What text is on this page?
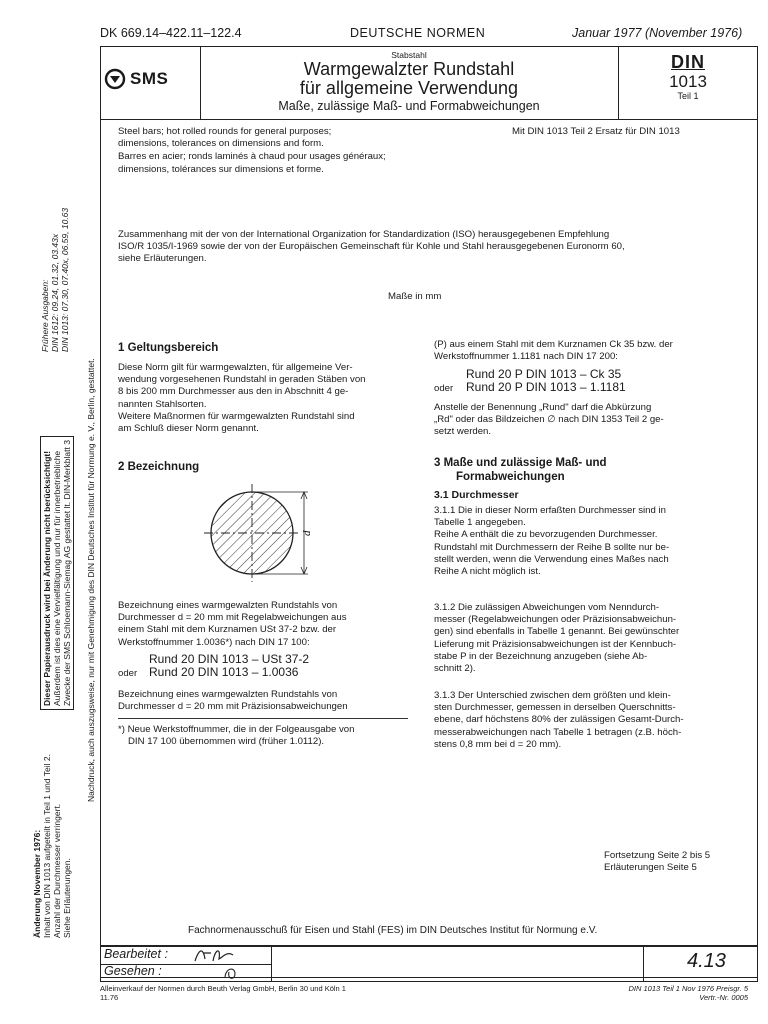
DK 669.14–422.11–122.4	DEUTSCHE NORMEN	Januar 1977 (November 1976)
SMS
Stabstahl
Warmgewalzter Rundstahl
für allgemeine Verwendung
Maße, zulässige Maß- und Formabweichungen
DIN
1013
Teil 1

Steel bars; hot rolled rounds for general purposes;

dimensions, tolerances on dimensions and form.

Barres en acier; ronds laminés à chaud pour usages généraux;

dimensions, tolérances sur dimensions et forme.

Mit DIN 1013 Teil 2 Ersatz für DIN 1013

Zusammenhang mit der von der International Organization for Standardization (ISO) herausgegebenen Empfehlung

ISO/R 1035/I-1969 sowie der von der Europäischen Gemeinschaft für Kohle und Stahl herausgegebenen Euronorm 60,

siehe Erläuterungen.

Maße in mm
1 Geltungsbereich

Diese Norm gilt für warmgewalzten, für allgemeine Ver-

wendung vorgesehenen Rundstahl in geraden Stäben von

8 bis 200 mm Durchmesser aus den in Abschnitt 4 ge-

nannten Stahlsorten.

Weitere Maßnormen für warmgewalzten Rundstahl sind

am Schluß dieser Norm genannt.

2 Bezeichnung
d

Bezeichnung eines warmgewalzten Rundstahls von

Durchmesser d = 20 mm mit Regelabweichungen aus

einem Stahl mit dem Kurznamen USt 37-2 bzw. der

Werkstoffnummer 1.0036*) nach DIN 17 100:

Rund 20 DIN 1013 – USt 37-2
oder Rund 20 DIN 1013 – 1.0036

Bezeichnung eines warmgewalzten Rundstahls von

Durchmesser d = 20 mm mit Präzisionsabweichungen

*) Neue Werkstoffnummer, die in der Folgeausgabe von

DIN 17 100 übernommen wird (früher 1.0112).

(P) aus einem Stahl mit dem Kurznamen Ck 35 bzw. der

Werkstoffnummer 1.1181 nach DIN 17 200:

Rund 20 P DIN 1013 – Ck 35
oder Rund 20 P DIN 1013 – 1.1181

Anstelle der Benennung „Rund" darf die Abkürzung

„Rd" oder das Bildzeichen ∅ nach DIN 1353 Teil 2 ge-

setzt werden.

3 Maße und zulässige Maß- und
Formabweichungen
3.1 Durchmesser

3.1.1 Die in dieser Norm erfaßten Durchmesser sind in

Tabelle 1 angegeben.

Reihe A enthält die zu bevorzugenden Durchmesser.

Rundstahl mit Durchmessern der Reihe B sollte nur be-

stellt werden, wenn die Verwendung eines Maßes nach

Reihe A nicht möglich ist.

3.1.2 Die zulässigen Abweichungen vom Nenndurch-

messer (Regelabweichungen oder Präzisionsabweichun-

gen) sind ebenfalls in Tabelle 1 genannt. Bei gewünschter

Lieferung mit Präzisionsabweichungen ist der Kennbuch-

stabe P in der Bezeichnung anzugeben (siehe Ab-

schnitt 2).

3.1.3 Der Unterschied zwischen dem größten und klein-

sten Durchmesser, gemessen in derselben Querschnitts-

ebene, darf höchstens 80% der zulässigen Gesamt-Durch-

messerabweichungen nach Tabelle 1 betragen (z.B. höch-

stens 0,8 mm bei d = 20 mm).

Fortsetzung Seite 2 bis 5

Erläuterungen Seite 5

Fachnormenausschuß für Eisen und Stahl (FES) im DIN Deutsches Institut für Normung e.V.
Bearbeitet :
Gesehen :	4.13
Alleinverkauf der Normen durch Beuth Verlag GmbH, Berlin 30 und Köln 1
11.76
DIN 1013 Teil 1 Nov 1976 Preisgr. 5
Vertr.-Nr. 0005
Änderung November 1976: Inhalt von DIN 1013 aufgeteilt in Teil 1 und Teil 2. Anzahl der Durchmesser verringert. Siehe Erläuterungen.
Nachdruck, auch auszugsweise, nur mit Genehmigung des DIN Deutsches Institut für Normung e. V., Berlin, gestattet.
Dieser Papierausdruck wird bei Änderung nicht berücksichtigt! Außerdem ist dies eine Vervielfältigung und nur für innerbetriebliche Zwecke der SMS Schloemann-Siemag AG gestattet lt. DIN-Merkblatt 3
Frühere Ausgaben: DIN 1612: 09.24, 01.32, 03.43x DIN 1013: 07.30, 07.40x, 06.59, 10.63
